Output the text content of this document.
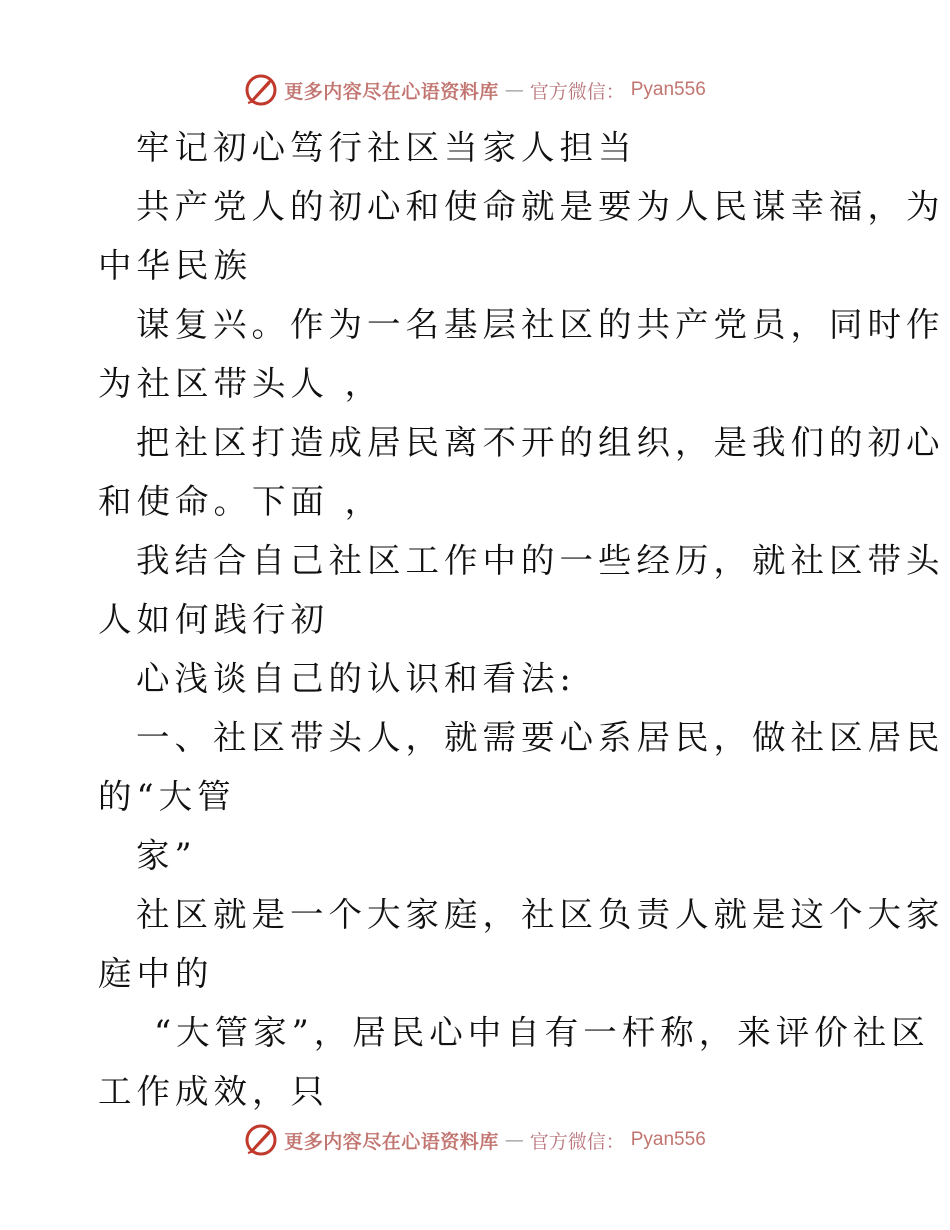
更多内容尽在心语资料库 — 官方微信： Pyan556

牢记初心笃行社区当家人担当

共产党人的初心和使命就是要为人民谋幸福，为

中华民族

谋复兴。作为一名基层社区的共产党员，同时作

为社区带头人 ，

把社区打造成居民离不开的组织，是我们的初心

和使命。下面 ，

我结合自己社区工作中的一些经历，就社区带头

人如何践行初

心浅谈自己的认识和看法:

一、社区带头人，就需要心系居民，做社区居民

的“大管

家”

社区就是一个大家庭，社区负责人就是这个大家

庭中的

“大管家”，居民心中自有一杆称，来评价社区

工作成效，只

更多内容尽在心语资料库 — 官方微信： Pyan556
